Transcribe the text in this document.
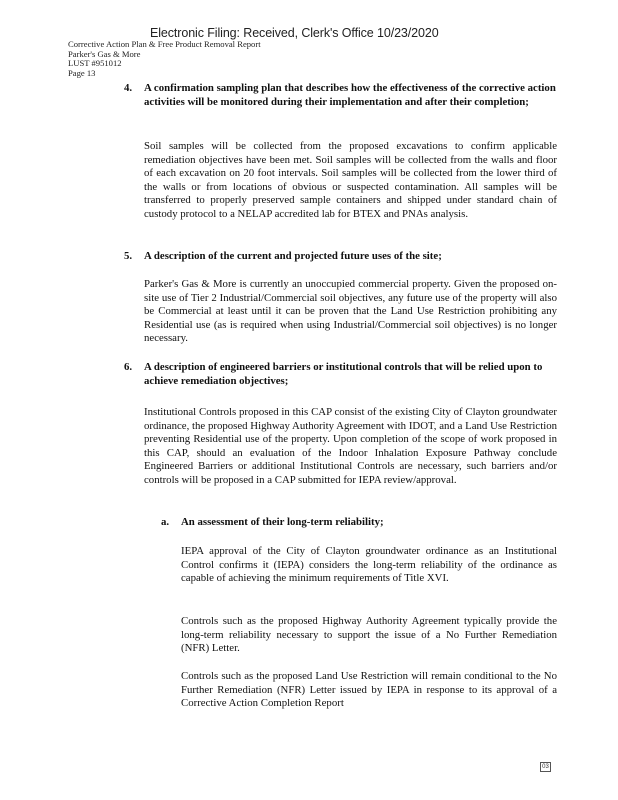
Electronic Filing: Received, Clerk's Office 10/23/2020
Corrective Action Plan & Free Product Removal Report
Parker's Gas & More
LUST #951012
Page 13
4. A confirmation sampling plan that describes how the effectiveness of the corrective action activities will be monitored during their implementation and after their completion;
Soil samples will be collected from the proposed excavations to confirm applicable remediation objectives have been met. Soil samples will be collected from the walls and floor of each excavation on 20 foot intervals. Soil samples will be collected from the lower third of the walls or from locations of obvious or suspected contamination. All samples will be transferred to properly preserved sample containers and shipped under standard chain of custody protocol to a NELAP accredited lab for BTEX and PNAs analysis.
5. A description of the current and projected future uses of the site;
Parker's Gas & More is currently an unoccupied commercial property. Given the proposed on-site use of Tier 2 Industrial/Commercial soil objectives, any future use of the property will also be Commercial at least until it can be proven that the Land Use Restriction prohibiting any Residential use (as is required when using Industrial/Commercial soil objectives) is no longer necessary.
6. A description of engineered barriers or institutional controls that will be relied upon to achieve remediation objectives;
Institutional Controls proposed in this CAP consist of the existing City of Clayton groundwater ordinance, the proposed Highway Authority Agreement with IDOT, and a Land Use Restriction preventing Residential use of the property. Upon completion of the scope of work proposed in this CAP, should an evaluation of the Indoor Inhalation Exposure Pathway conclude Engineered Barriers or additional Institutional Controls are necessary, such barriers and/or controls will be proposed in a CAP submitted for IEPA review/approval.
a. An assessment of their long-term reliability;
IEPA approval of the City of Clayton groundwater ordinance as an Institutional Control confirms it (IEPA) considers the long-term reliability of the ordinance as capable of achieving the minimum requirements of Title XVI.
Controls such as the proposed Highway Authority Agreement typically provide the long-term reliability necessary to support the issue of a No Further Remediation (NFR) Letter.
Controls such as the proposed Land Use Restriction will remain conditional to the No Further Remediation (NFR) Letter issued by IEPA in response to its approval of a Corrective Action Completion Report
03
